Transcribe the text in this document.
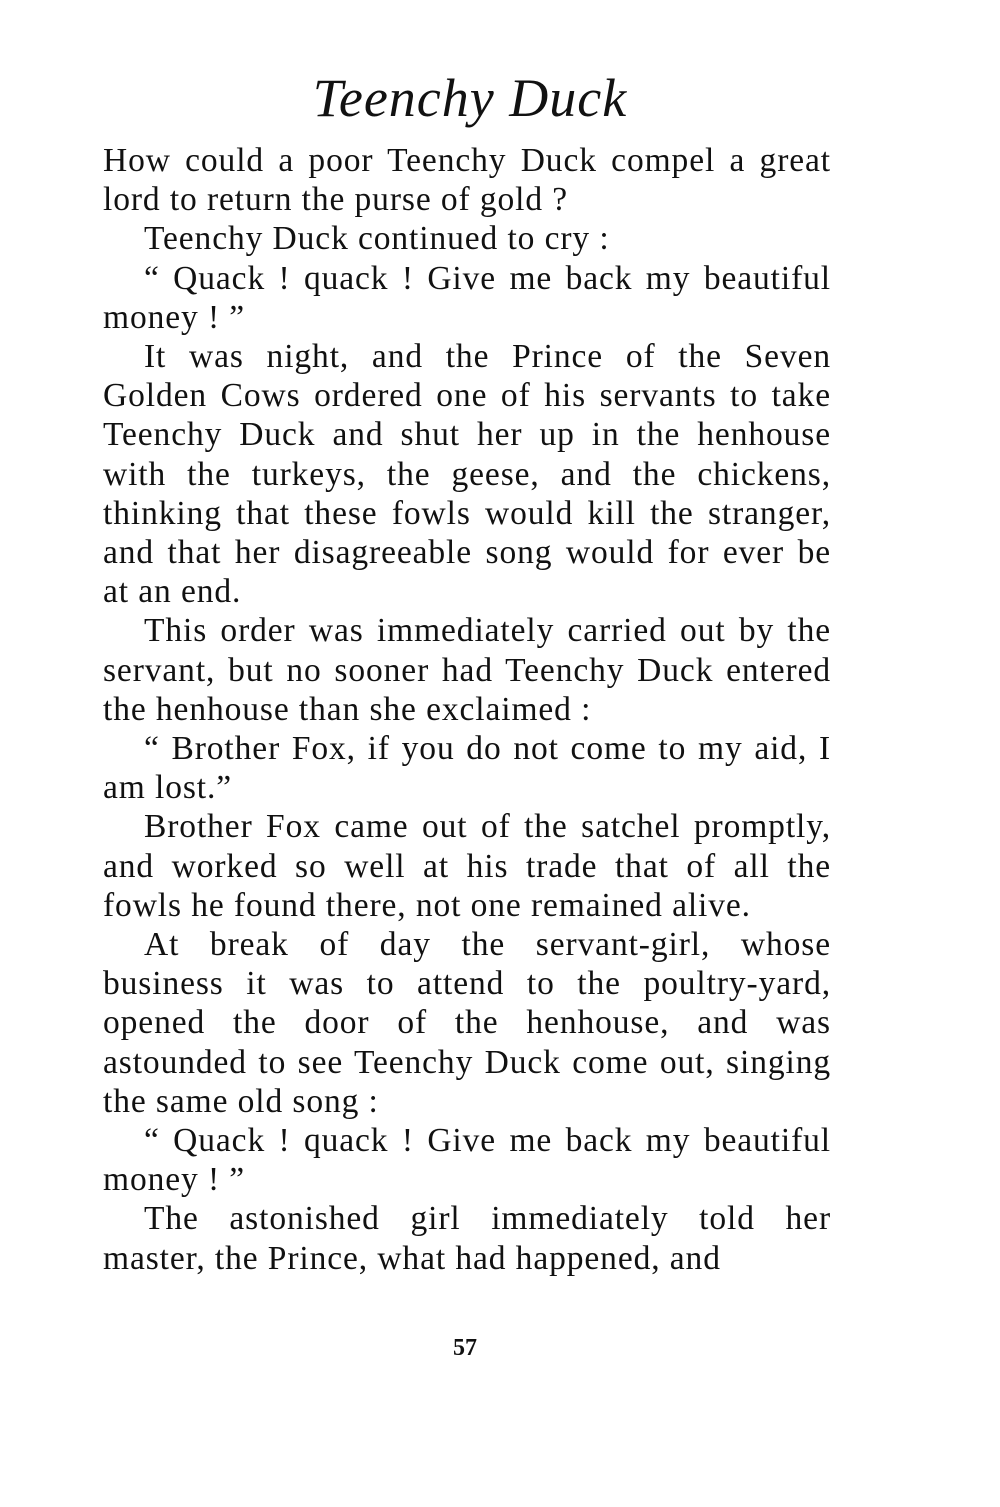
Teenchy Duck

How could a poor Teenchy Duck compel a great lord to return the purse of gold ?

Teenchy Duck continued to cry :

“ Quack ! quack ! Give me back my beautiful money ! ”

It was night, and the Prince of the Seven Golden Cows ordered one of his servants to take Teenchy Duck and shut her up in the henhouse with the turkeys, the geese, and the chickens, thinking that these fowls would kill the stranger, and that her disagreeable song would for ever be at an end.

This order was immediately carried out by the servant, but no sooner had Teenchy Duck entered the henhouse than she exclaimed :

“ Brother Fox, if you do not come to my aid, I am lost.”

Brother Fox came out of the satchel promptly, and worked so well at his trade that of all the fowls he found there, not one remained alive.

At break of day the servant-girl, whose business it was to attend to the poultry-yard, opened the door of the henhouse, and was astounded to see Teenchy Duck come out, singing the same old song :

“ Quack ! quack ! Give me back my beautiful money ! ”

The astonished girl immediately told her master, the Prince, what had happened, and

57
